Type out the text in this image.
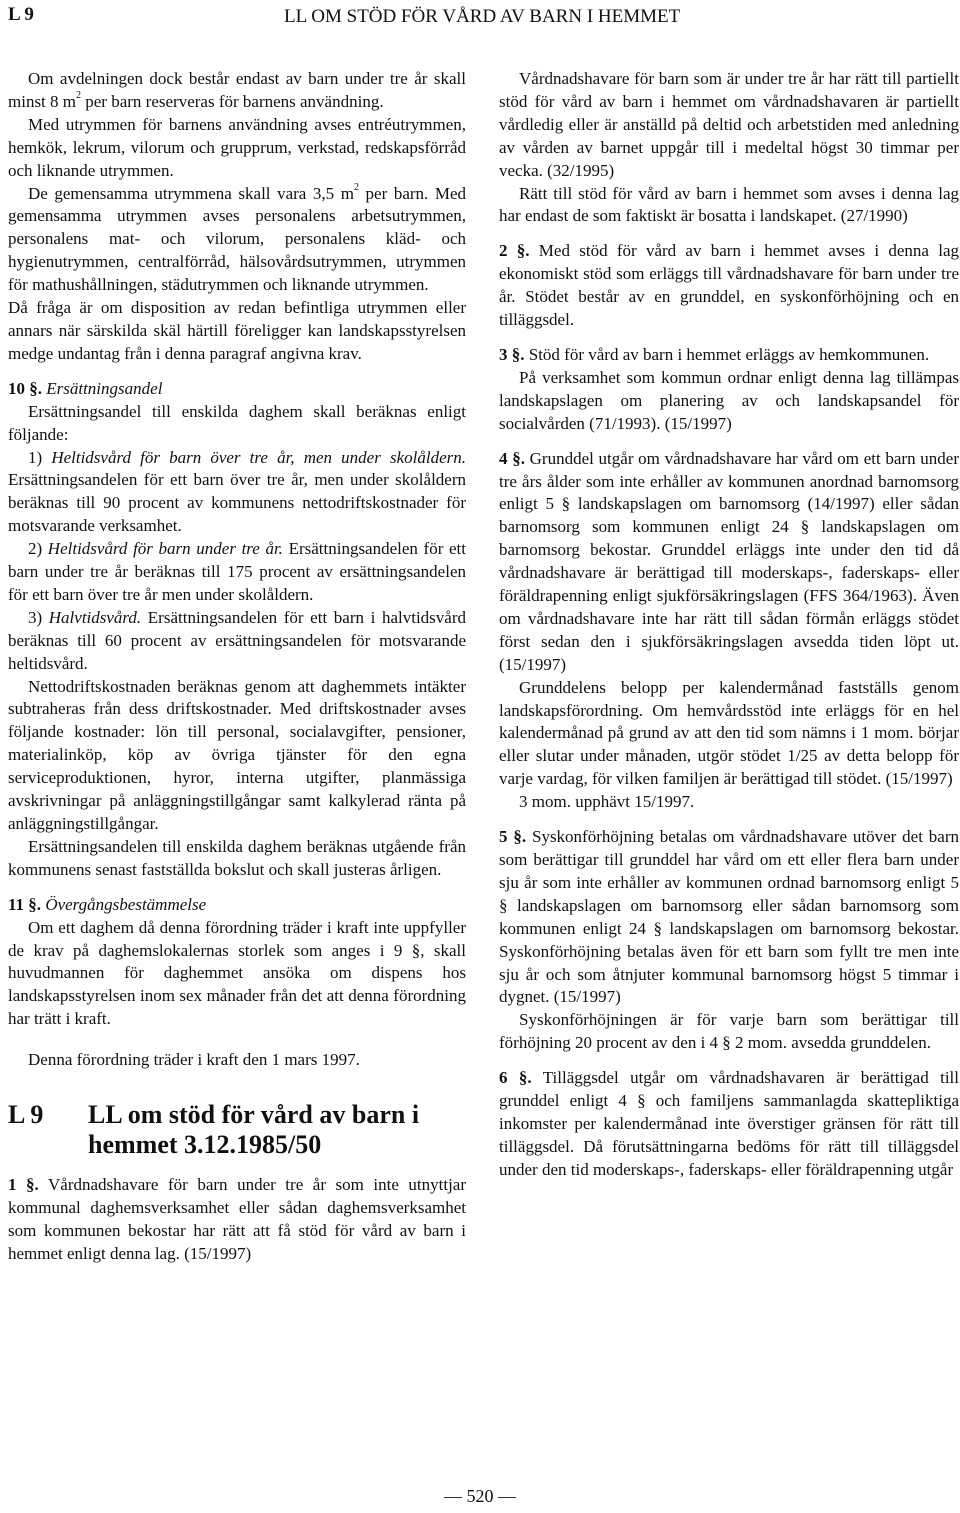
L 9	LL OM STÖD FÖR VÅRD AV BARN I HEMMET

Om avdelningen dock består endast av barn under tre år skall minst 8 $m^2$ per barn reserveras för barnens användning.

Med utrymmen för barnens användning avses entréutrymmen, hemkök, lekrum, vilorum och grupprum, verkstad, redskapsförråd och liknande utrymmen.

De gemensamma utrymmena skall vara 3,5 $m^2$ per barn. Med gemensamma utrymmen avses personalens arbetsutrymmen, personalens mat- och vilorum, personalens kläd- och hygienutrymmen, centralförråd, hälsovårdsutrymmen, utrymmen för mathushållningen, städutrymmen och liknande utrymmen.

Då fråga är om disposition av redan befintliga utrymmen eller annars när särskilda skäl härtill föreligger kan landskapsstyrelsen medge undantag från i denna paragraf angivna krav.

10 §. Ersättningsandel

Ersättningsandel till enskilda daghem skall beräknas enligt följande:

1) Heltidsvård för barn över tre år, men under skolåldern. Ersättningsandelen för ett barn över tre år, men under skolåldern beräknas till 90 procent av kommunens nettodriftskostnader för motsvarande verksamhet.

2) Heltidsvård för barn under tre år. Ersättningsandelen för ett barn under tre år beräknas till 175 procent av ersättningsandelen för ett barn över tre år men under skolåldern.

3) Halvtidsvård. Ersättningsandelen för ett barn i halvtidsvård beräknas till 60 procent av ersättningsandelen för motsvarande heltidsvård.

Nettodriftskostnaden beräknas genom att daghemmets intäkter subtraheras från dess driftskostnader. Med driftskostnader avses följande kostnader: lön till personal, socialavgifter, pensioner, materialinköp, köp av övriga tjänster för den egna serviceproduktionen, hyror, interna utgifter, planmässiga avskrivningar på anläggningstillgångar samt kalkylerad ränta på anläggningstillgångar.

Ersättningsandelen till enskilda daghem beräknas utgående från kommunens senast fastställda bokslut och skall justeras årligen.

11 §. Övergångsbestämmelse

Om ett daghem då denna förordning träder i kraft inte uppfyller de krav på daghemslokalernas storlek som anges i 9 §, skall huvudmannen för daghemmet ansöka om dispens hos landskapsstyrelsen inom sex månader från det att denna förordning har trätt i kraft.

Denna förordning träder i kraft den 1 mars 1997.

L 9	LL om stöd för vård av barn i hemmet 3.12.1985/50

1 §. Vårdnadshavare för barn under tre år som inte utnyttjar kommunal daghemsverksamhet eller sådan daghemsverksamhet som kommunen bekostar har rätt att få stöd för vård av barn i hemmet enligt denna lag. (15/1997)

Vårdnadshavare för barn som är under tre år har rätt till partiellt stöd för vård av barn i hemmet om vårdnadshavaren är partiellt vårdledig eller är anställd på deltid och arbetstiden med anledning av vården av barnet uppgår till i medeltal högst 30 timmar per vecka. (32/1995)

Rätt till stöd för vård av barn i hemmet som avses i denna lag har endast de som faktiskt är bosatta i landskapet. (27/1990)

2 §. Med stöd för vård av barn i hemmet avses i denna lag ekonomiskt stöd som erläggs till vårdnadshavare för barn under tre år. Stödet består av en grunddel, en syskonförhöjning och en tilläggsdel.

3 §. Stöd för vård av barn i hemmet erläggs av hemkommunen.

På verksamhet som kommun ordnar enligt denna lag tillämpas landskapslagen om planering av och landskapsandel för socialvården (71/1993). (15/1997)

4 §. Grunddel utgår om vårdnadshavare har vård om ett barn under tre års ålder som inte erhåller av kommunen anordnad barnomsorg enligt 5 § landskapslagen om barnomsorg (14/1997) eller sådan barnomsorg som kommunen enligt 24 § landskapslagen om barnomsorg bekostar. Grunddel erläggs inte under den tid då vårdnadshavare är berättigad till moderskaps-, faderskaps- eller föräldrapenning enligt sjukförsäkringslagen (FFS 364/1963). Även om vårdnadshavare inte har rätt till sådan förmån erläggs stödet först sedan den i sjukförsäkringslagen avsedda tiden löpt ut. (15/1997)

Grunddelens belopp per kalendermånad fastställs genom landskapsförordning. Om hemvårdsstöd inte erläggs för en hel kalendermånad på grund av att den tid som nämns i 1 mom. börjar eller slutar under månaden, utgör stödet 1/25 av detta belopp för varje vardag, för vilken familjen är berättigad till stödet. (15/1997)

3 mom. upphävt 15/1997.

5 §. Syskonförhöjning betalas om vårdnadshavare utöver det barn som berättigar till grunddel har vård om ett eller flera barn under sju år som inte erhåller av kommunen ordnad barnomsorg enligt 5 § landskapslagen om barnomsorg eller sådan barnomsorg som kommunen enligt 24 § landskapslagen om barnomsorg bekostar. Syskonförhöjning betalas även för ett barn som fyllt tre men inte sju år och som åtnjuter kommunal barnomsorg högst 5 timmar i dygnet. (15/1997)

Syskonförhöjningen är för varje barn som berättigar till förhöjning 20 procent av den i 4 § 2 mom. avsedda grunddelen.

6 §. Tilläggsdel utgår om vårdnadshavaren är berättigad till grunddel enligt 4 § och familjens sammanlagda skattepliktiga inkomster per kalendermånad inte överstiger gränsen för rätt till tilläggsdel. Då förutsättningarna bedöms för rätt till tilläggsdel under den tid moderskaps-, faderskaps- eller föräldrapenning utgår

— 520 —
